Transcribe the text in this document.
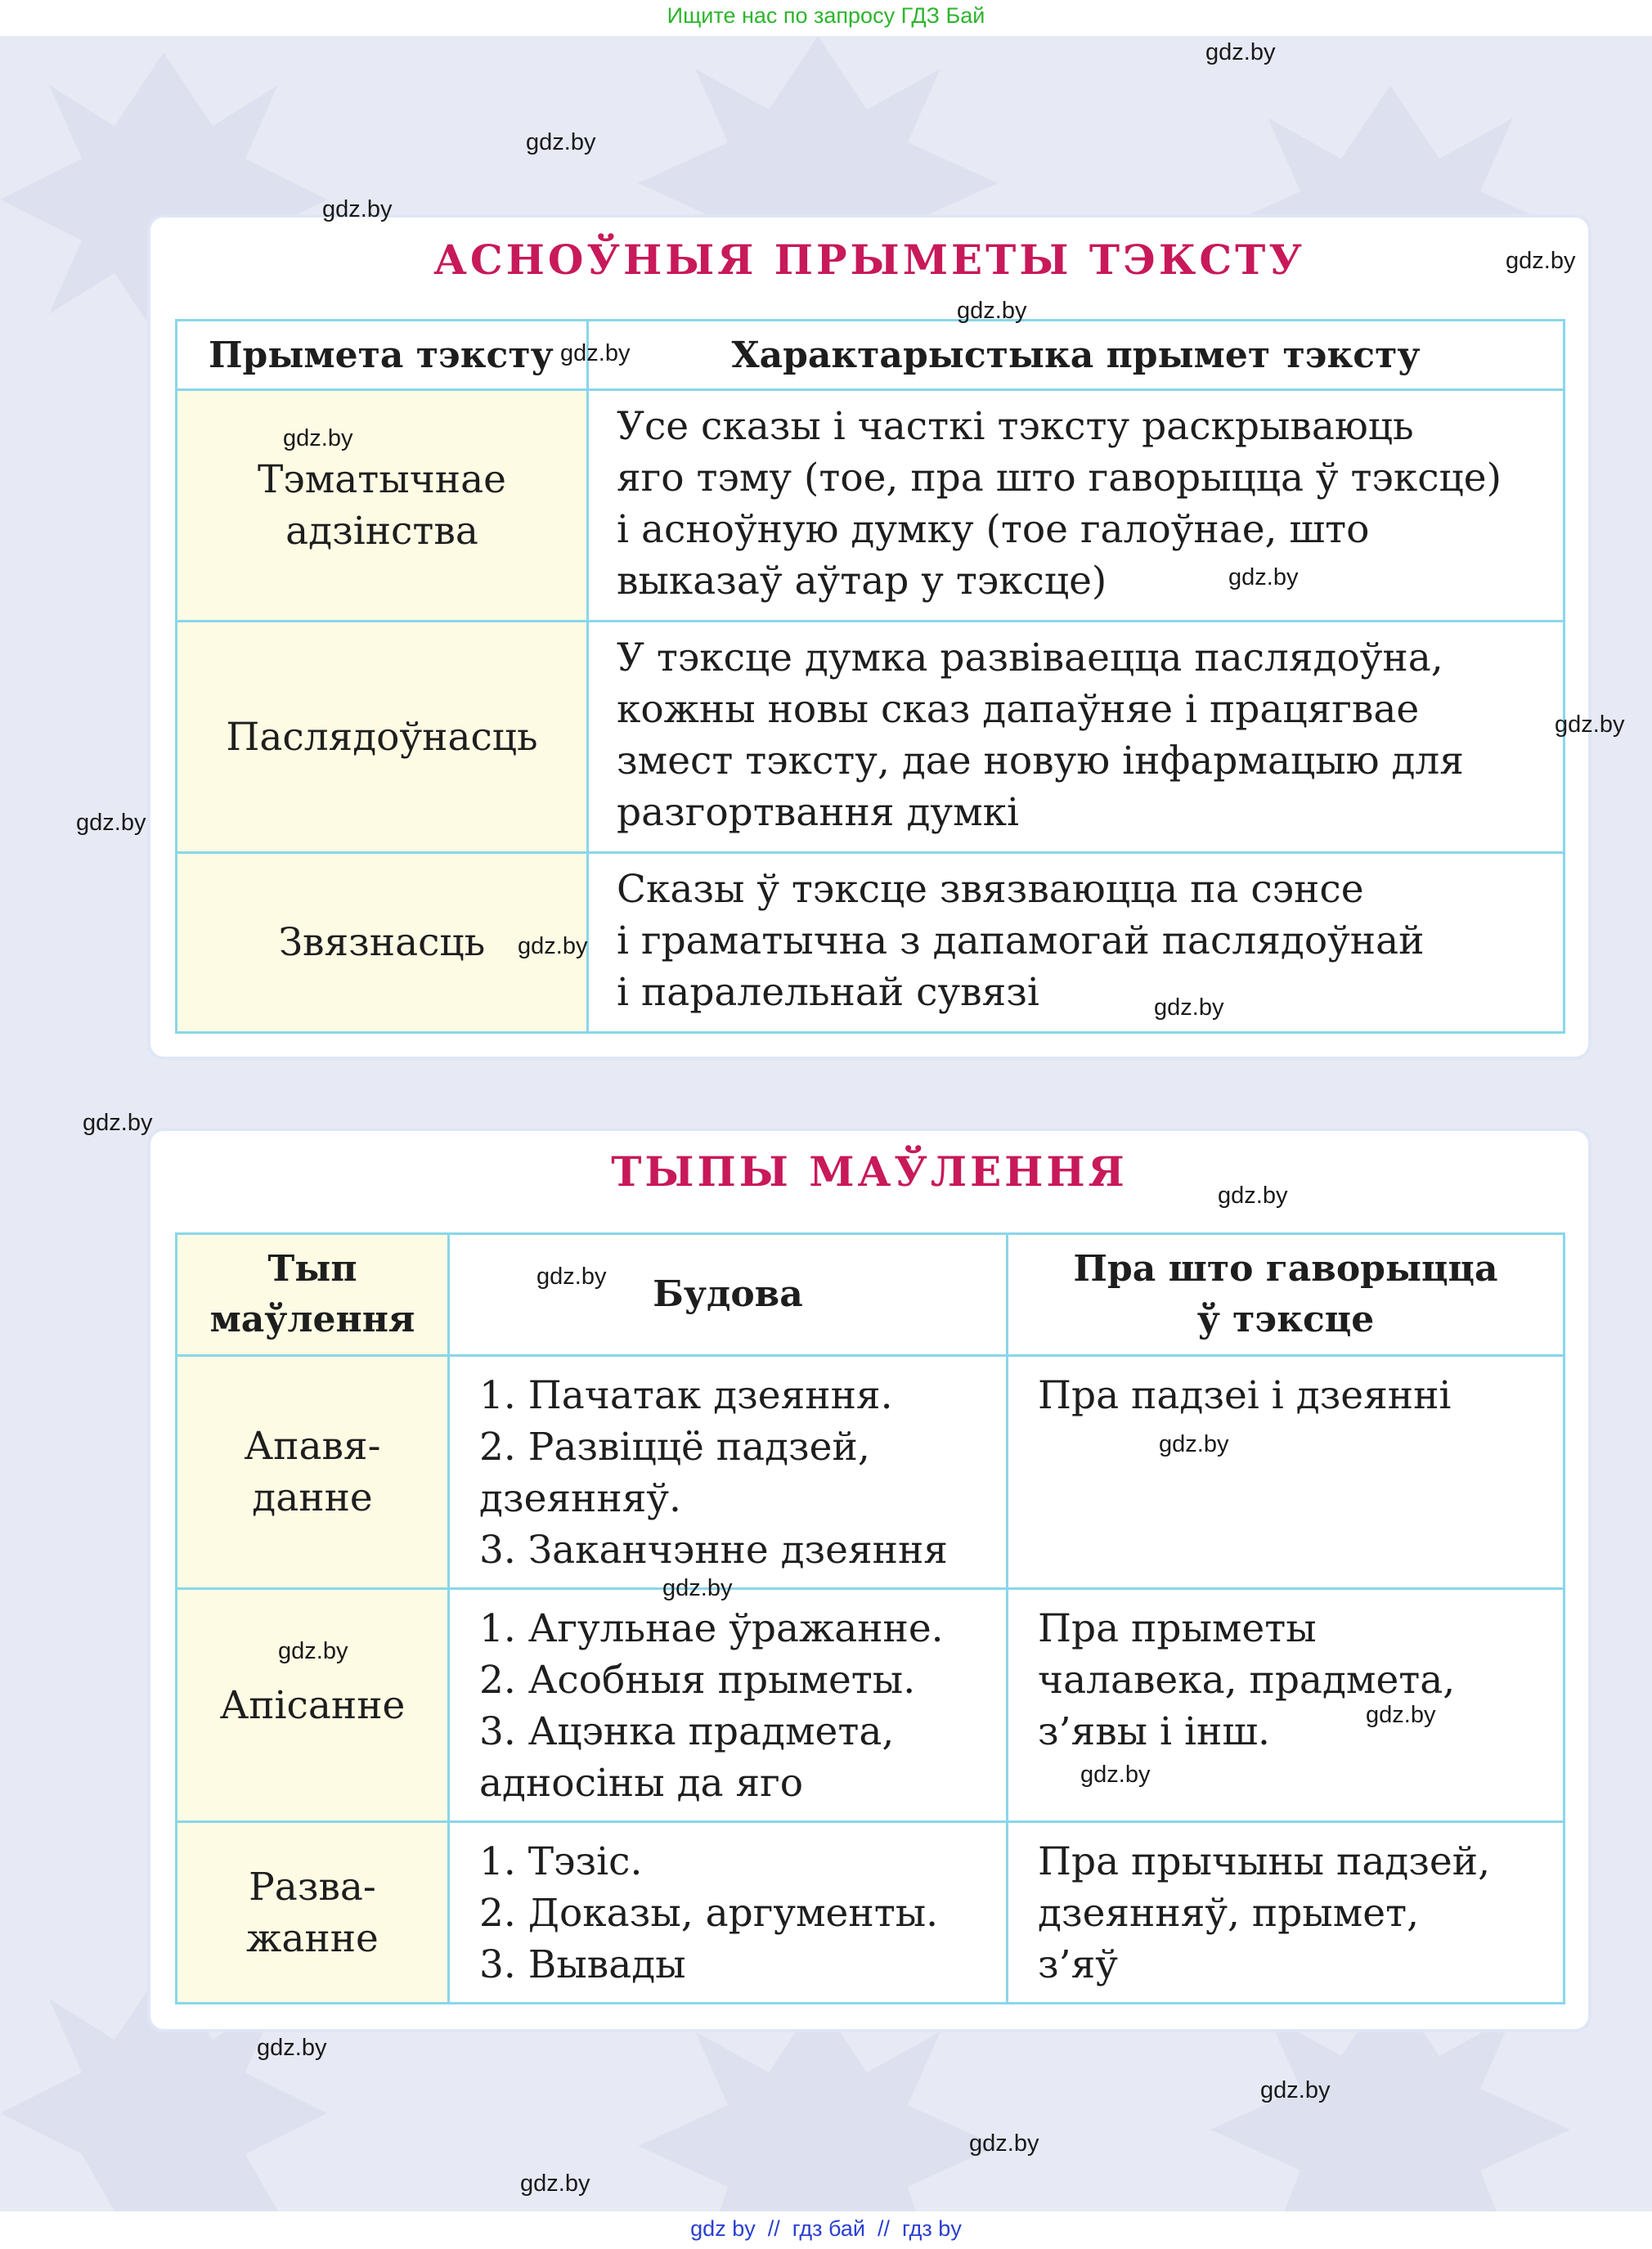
Ищите нас по запросу ГДЗ Бай
АСНОЎНЫЯ ПРЫМЕТЫ ТЭКСТУ
Прымета тэксту	Характарыстыка прымет тэксту

Тэматычнае
адзінства	Усе сказы і часткі тэксту раскрываюць
яго тэму (тое, пра што гаворыцца ў тэксце)
і асноўную думку (тое галоўнае, што
выказаў аўтар у тэксце)

Паслядоўнасць	У тэксце думка развіваецца паслядоўна,
кожны новы сказ дапаўняе і працягвае
змест тэксту, дае новую інфармацыю для
разгортвання думкі

Звязнасць	Сказы ў тэксце звязваюцца па сэнсе
і граматычна з дапамогай паслядоўнай
і паралельнай сувязі
ТЫПЫ МАЎЛЕННЯ
Тып
маўлення	Будова	Пра што гаворыцца
ў тэксце

Апавя-
данне	1. Пачатак дзеяння.
2. Развіццё падзей,
дзеянняў.
3. Заканчэнне дзеяння	Пра падзеі і дзеянні

Апісанне	1. Агульнае ўражанне.
2. Асобныя прыметы.
3. Ацэнка прадмета,
адносіны да яго	Пра прыметы
чалавека, прадмета,
з’явы і інш.

Разва-
жанне	1. Тэзіс.
2. Доказы, аргументы.
3. Вывады	Пра прычыны падзей,
дзеянняў, прымет,
з’яў
gdz.by
gdz.by
gdz.by
gdz.by
gdz.by
gdz.by
gdz.by
gdz.by
gdz.by
gdz.by
gdz.by
gdz.by
gdz.by
gdz.by
gdz.by
gdz.by
gdz.by
gdz.by
gdz.by
gdz.by
gdz.by
gdz.by
gdz.by
gdz.by
gdz by // гдз бай // гдз by
